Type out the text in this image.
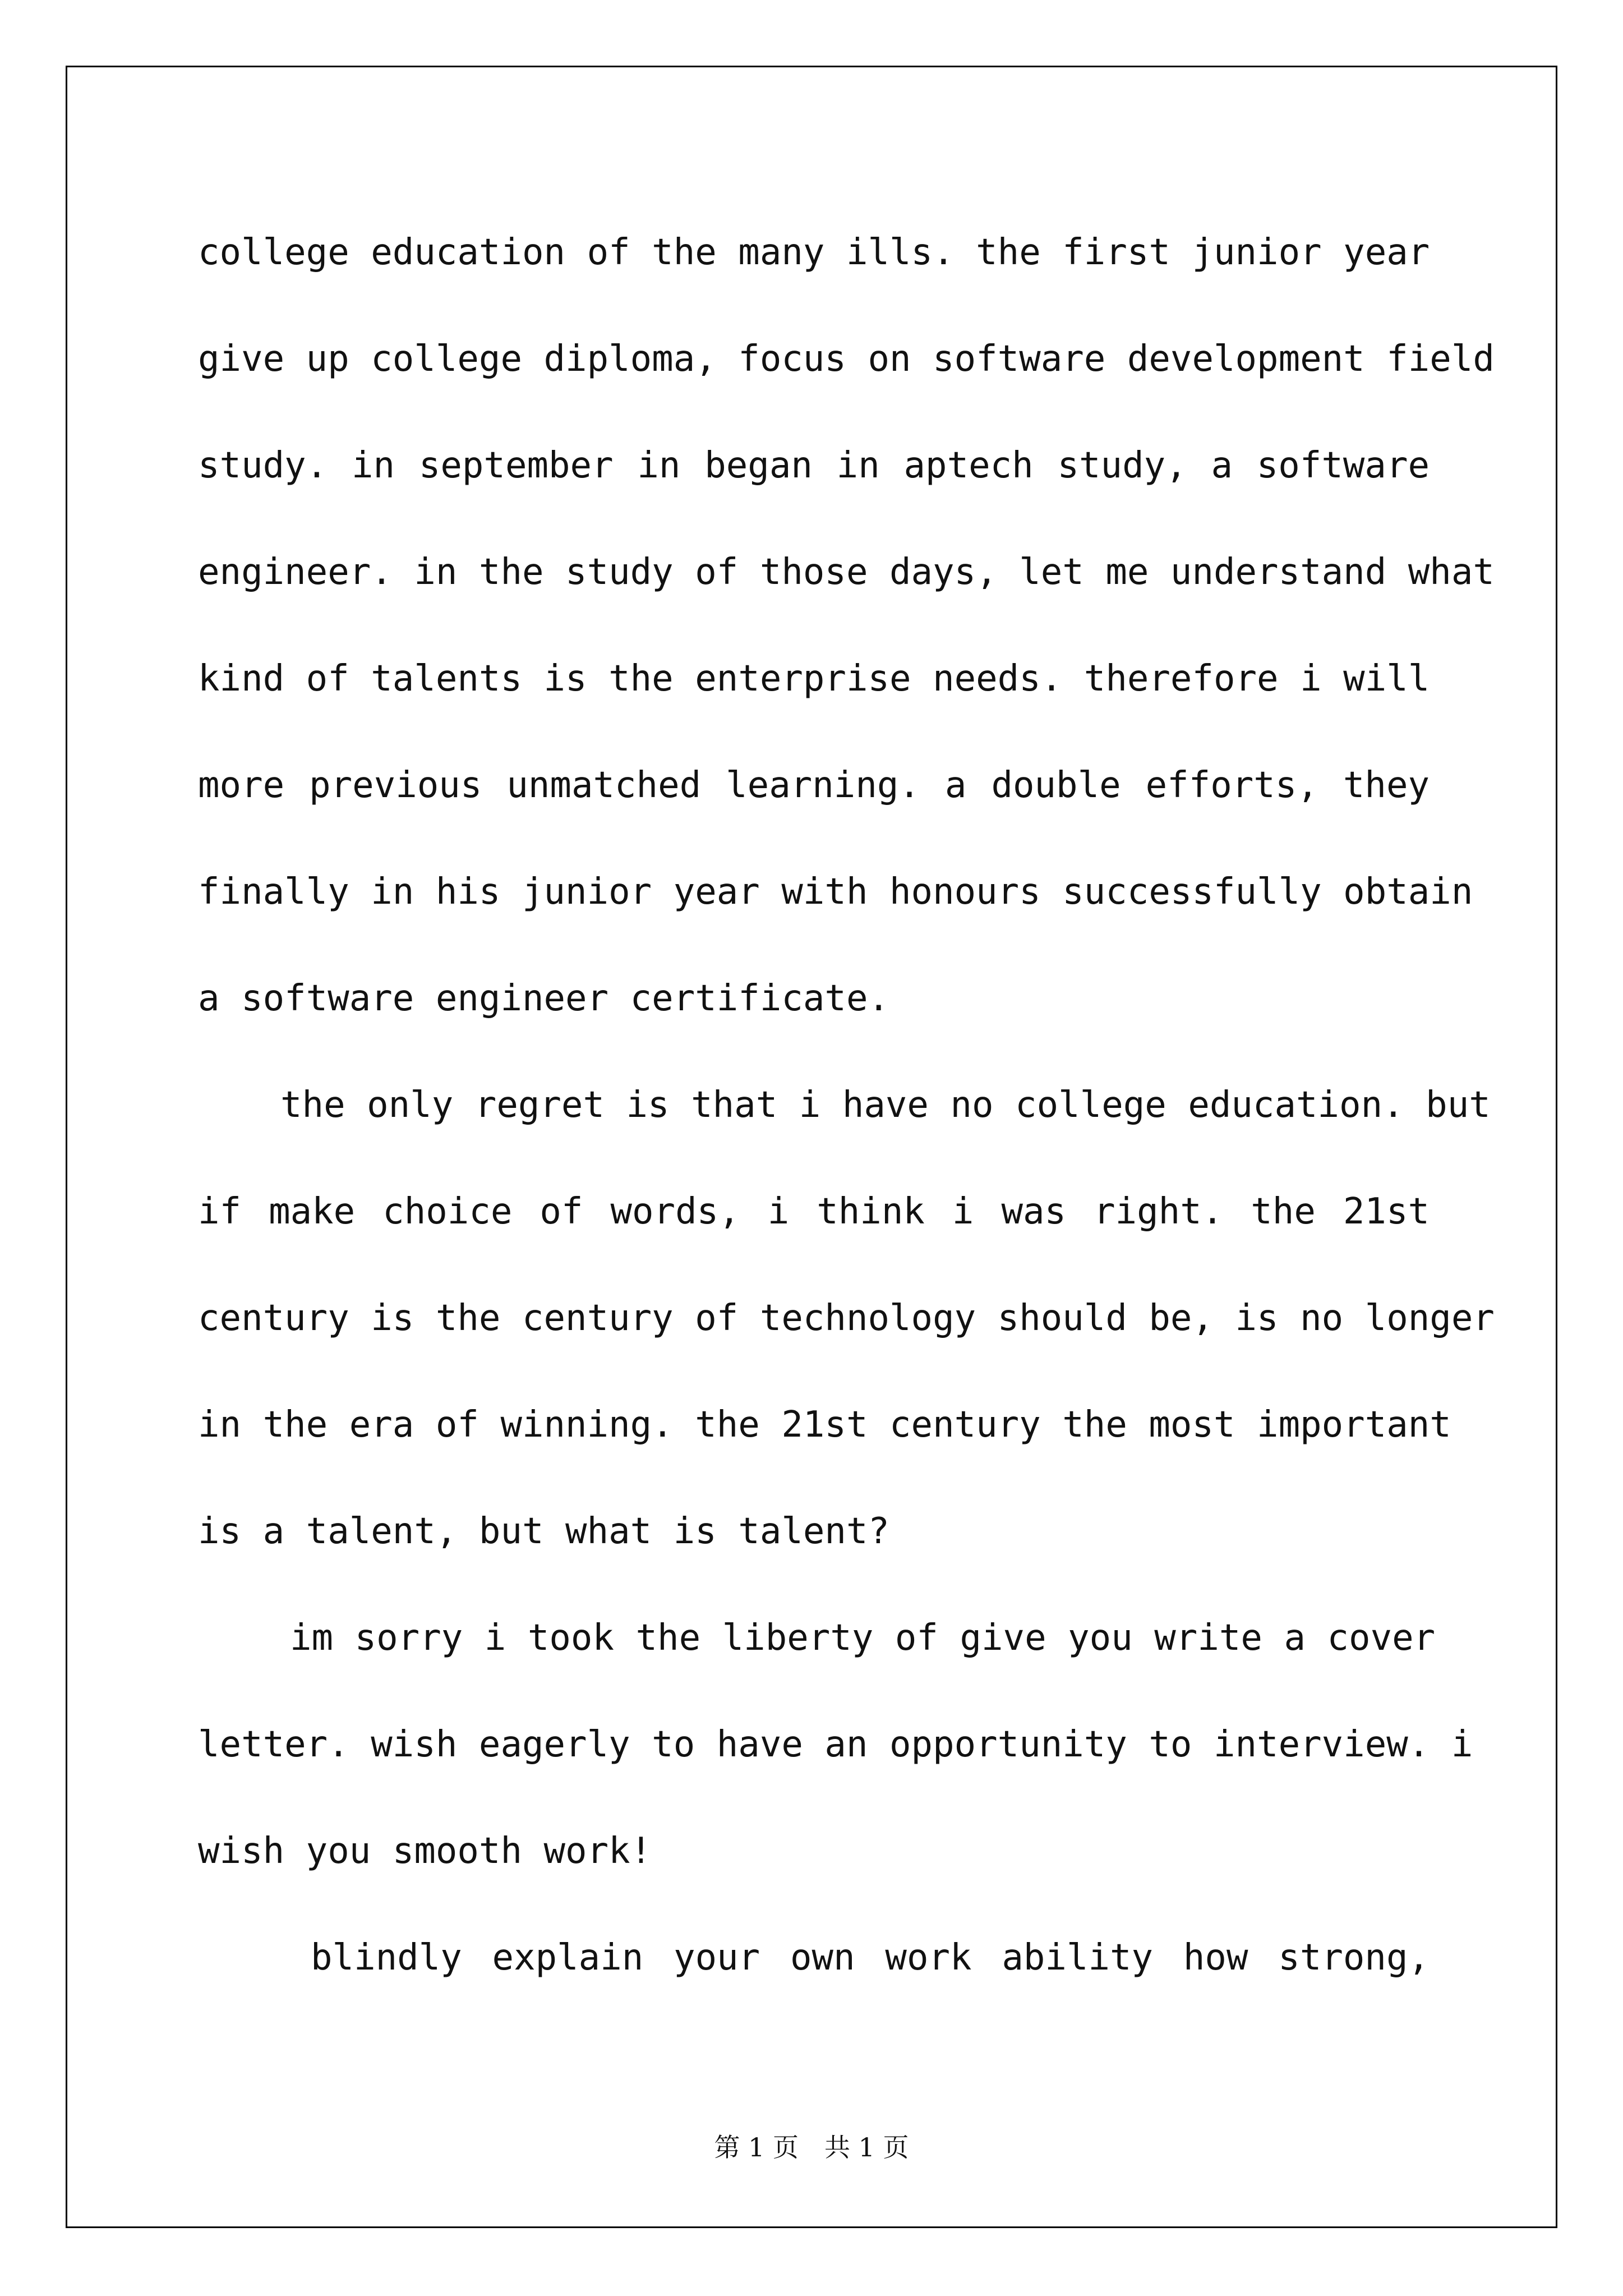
college education of the many ills. the first junior year
give up college diploma, focus on software development field
study. in september in began in aptech study, a software
engineer. in the study of those days, let me understand what
kind of talents is the enterprise needs. therefore i will
more previous unmatched learning. a double efforts, they
finally in his junior year with honours successfully obtain
a software engineer certificate.
the only regret is that i have no college education. but
if make choice of words, i think i was right. the 21st
century is the century of technology should be, is no longer
in the era of winning. the 21st century the most important
is a talent, but what is talent?
im sorry i took the liberty of give you write a cover
letter. wish eagerly to have an opportunity to interview. i
wish you smooth work!
blindly explain your own work ability how strong,
第 1 页　共 1 页
